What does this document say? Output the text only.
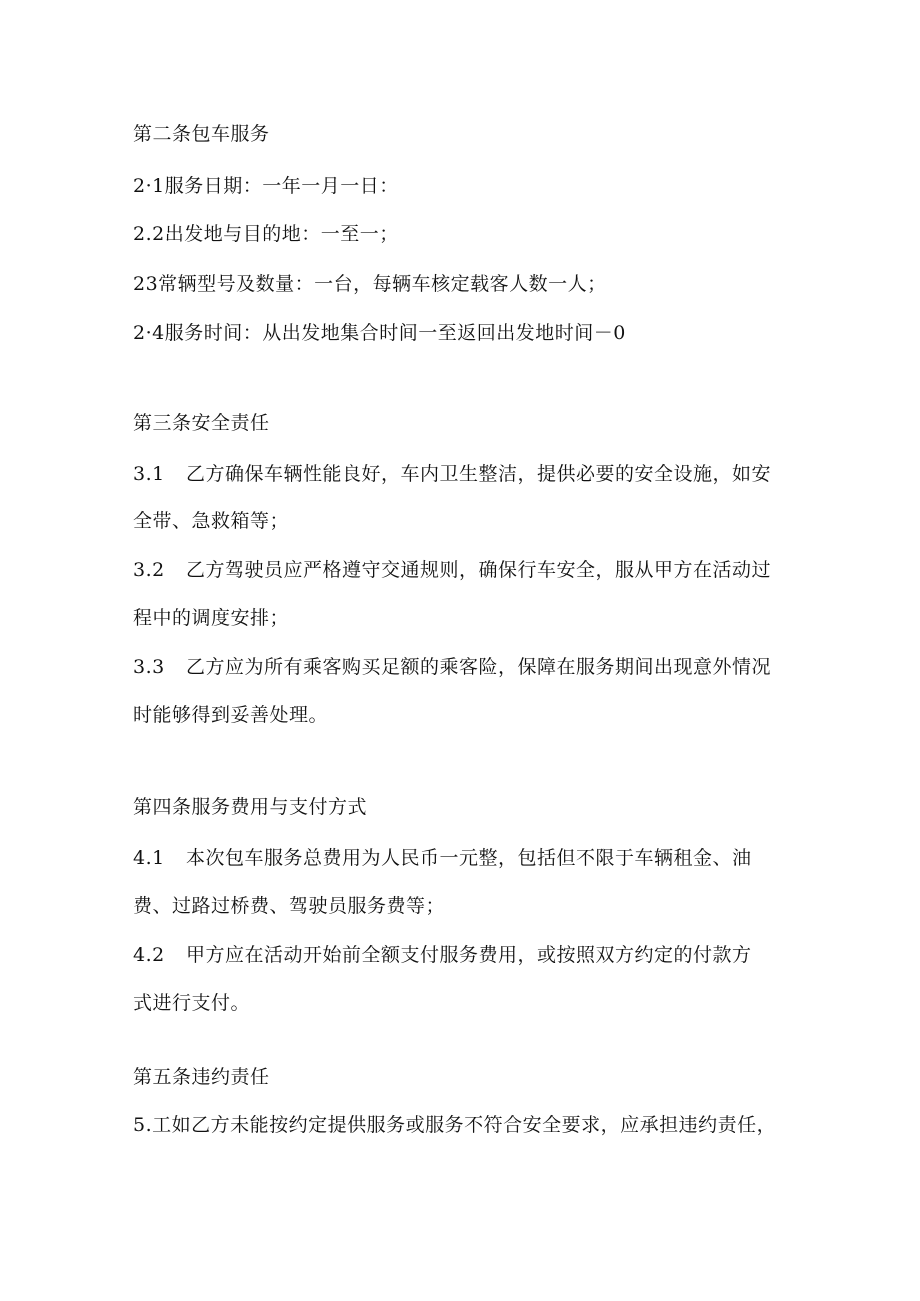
第二条包车服务
2·1服务日期：一年一月一日：
2.2出发地与目的地：一至一；
23常辆型号及数量：一台，每辆车核定载客人数一人；
2·4服务时间：从出发地集合时间一至返回出发地时间－0
第三条安全责任
3.1 乙方确保车辆性能良好，车内卫生整洁，提供必要的安全设施，如安
全带、急救箱等；
3.2 乙方驾驶员应严格遵守交通规则，确保行车安全，服从甲方在活动过
程中的调度安排；
3.3 乙方应为所有乘客购买足额的乘客险，保障在服务期间出现意外情况
时能够得到妥善处理。
第四条服务费用与支付方式
4.1 本次包车服务总费用为人民币一元整，包括但不限于车辆租金、油
费、过路过桥费、驾驶员服务费等；
4.2 甲方应在活动开始前全额支付服务费用，或按照双方约定的付款方
式进行支付。
第五条违约责任
5.工如乙方未能按约定提供服务或服务不符合安全要求，应承担违约责任，
